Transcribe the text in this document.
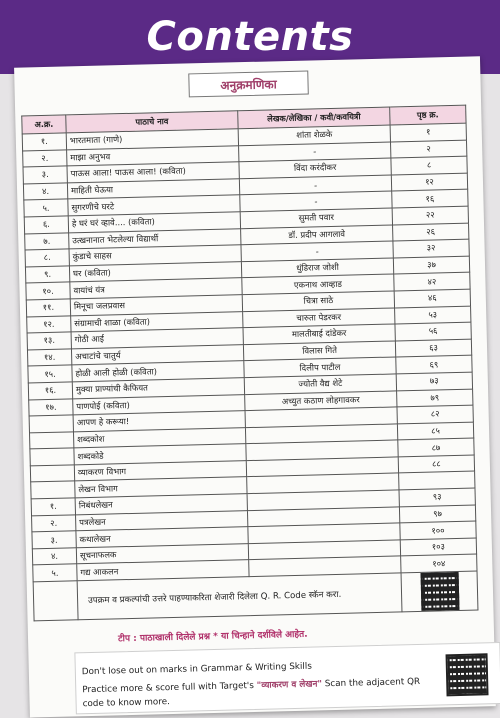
Contents
अनुक्रमणिका
अ.क्र.	पाठाचे नाव	लेखक/लेखिका / कवी/कवयित्री	पृष्ठ क्र.
१.	भारतमाता (गाणे)	शांता शेळके	१
२.	माझा अनुभव	-	२
३.	पाऊस आला! पाऊस आला! (कविता)	विंदा करंदीकर	८
४.	माहिती घेऊया	-	१२
५.	सुगरणीचे घरटे	-	१६
६.	हे घरं घरं व्हावे.... (कविता)	सुमती पवार	२२
७.	उत्खनानात भेटलेल्या विद्यार्थी	डॉ. प्रदीप आगलावे	२६
८.	कुंडाचे साहस	-	३२
९.	घर (कविता)	धुंडिराज जोशी	३७
१०.	वायांचं यंत्र	एकनाथ आव्हाड	४२
११.	मिनूचा जलप्रवास	चित्रा साठे	४६
१२.	संग्रामाची शाळा (कविता)	चारुता पेडरकर	५३
१३.	गोठी आई	मालतीबाई दांडेकर	५६
१४.	अचाटांचे चातुर्य	विलास गिते	६३
१५.	होळी आली होळी (कविता)	दिलीप पाटील	६९
१६.	मुक्या प्राण्यांची कैफियत	ज्योती वैद्य शेटे	७३
१७.	पाणपोई (कविता)	अच्युत कठाण लोहगावकर	७९
	आपण हे करूया!		८२
	शब्दकोश		८५
	शब्दकोडे		८७
	व्याकरण विभाग		८८
	लेखन विभाग		
१.	निबंधलेखन		९३
२.	पत्रलेखन		९७
३.	कथालेखन		१००
४.	सूचनाफलक		१०३
५.	गद्य आकलन		१०४
	उपक्रम व प्रकल्पांची उत्तरे पाहण्याकरिता शेजारी दिलेला Q. R. Code स्कॅन करा.		
टीप : पाठाखाली दिलेले प्रश्न * या चिन्हाने दर्शविले आहेत.
Don't lose out on marks in Grammar & Writing Skills
Practice more & score full with Target's "व्याकरण व लेखन" Scan the adjacent QR
code to know more.
